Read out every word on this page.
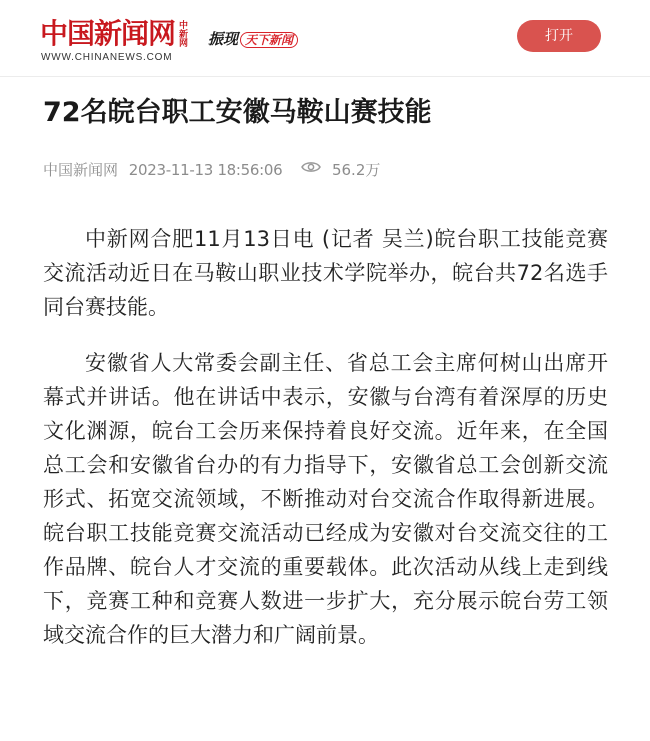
中国新闻网 中新网
WWW.CHINANEWS.COM
振现 天下新闻	打开
72名皖台职工安徽马鞍山赛技能
中国新闻网 2023-11-13 18:56:06	56.2万

中新网合肥11月13日电 (记者 吴兰)皖台职工技能竞赛交流活动近日在马鞍山职业技术学院举办，皖台共72名选手同台赛技能。

安徽省人大常委会副主任、省总工会主席何树山出席开幕式并讲话。他在讲话中表示，安徽与台湾有着深厚的历史文化渊源，皖台工会历来保持着良好交流。近年来，在全国总工会和安徽省台办的有力指导下，安徽省总工会创新交流形式、拓宽交流领域，不断推动对台交流合作取得新进展。皖台职工技能竞赛交流活动已经成为安徽对台交流交往的工作品牌、皖台人才交流的重要载体。此次活动从线上走到线下，竞赛工种和竞赛人数进一步扩大，充分展示皖台劳工领域交流合作的巨大潜力和广阔前景。
